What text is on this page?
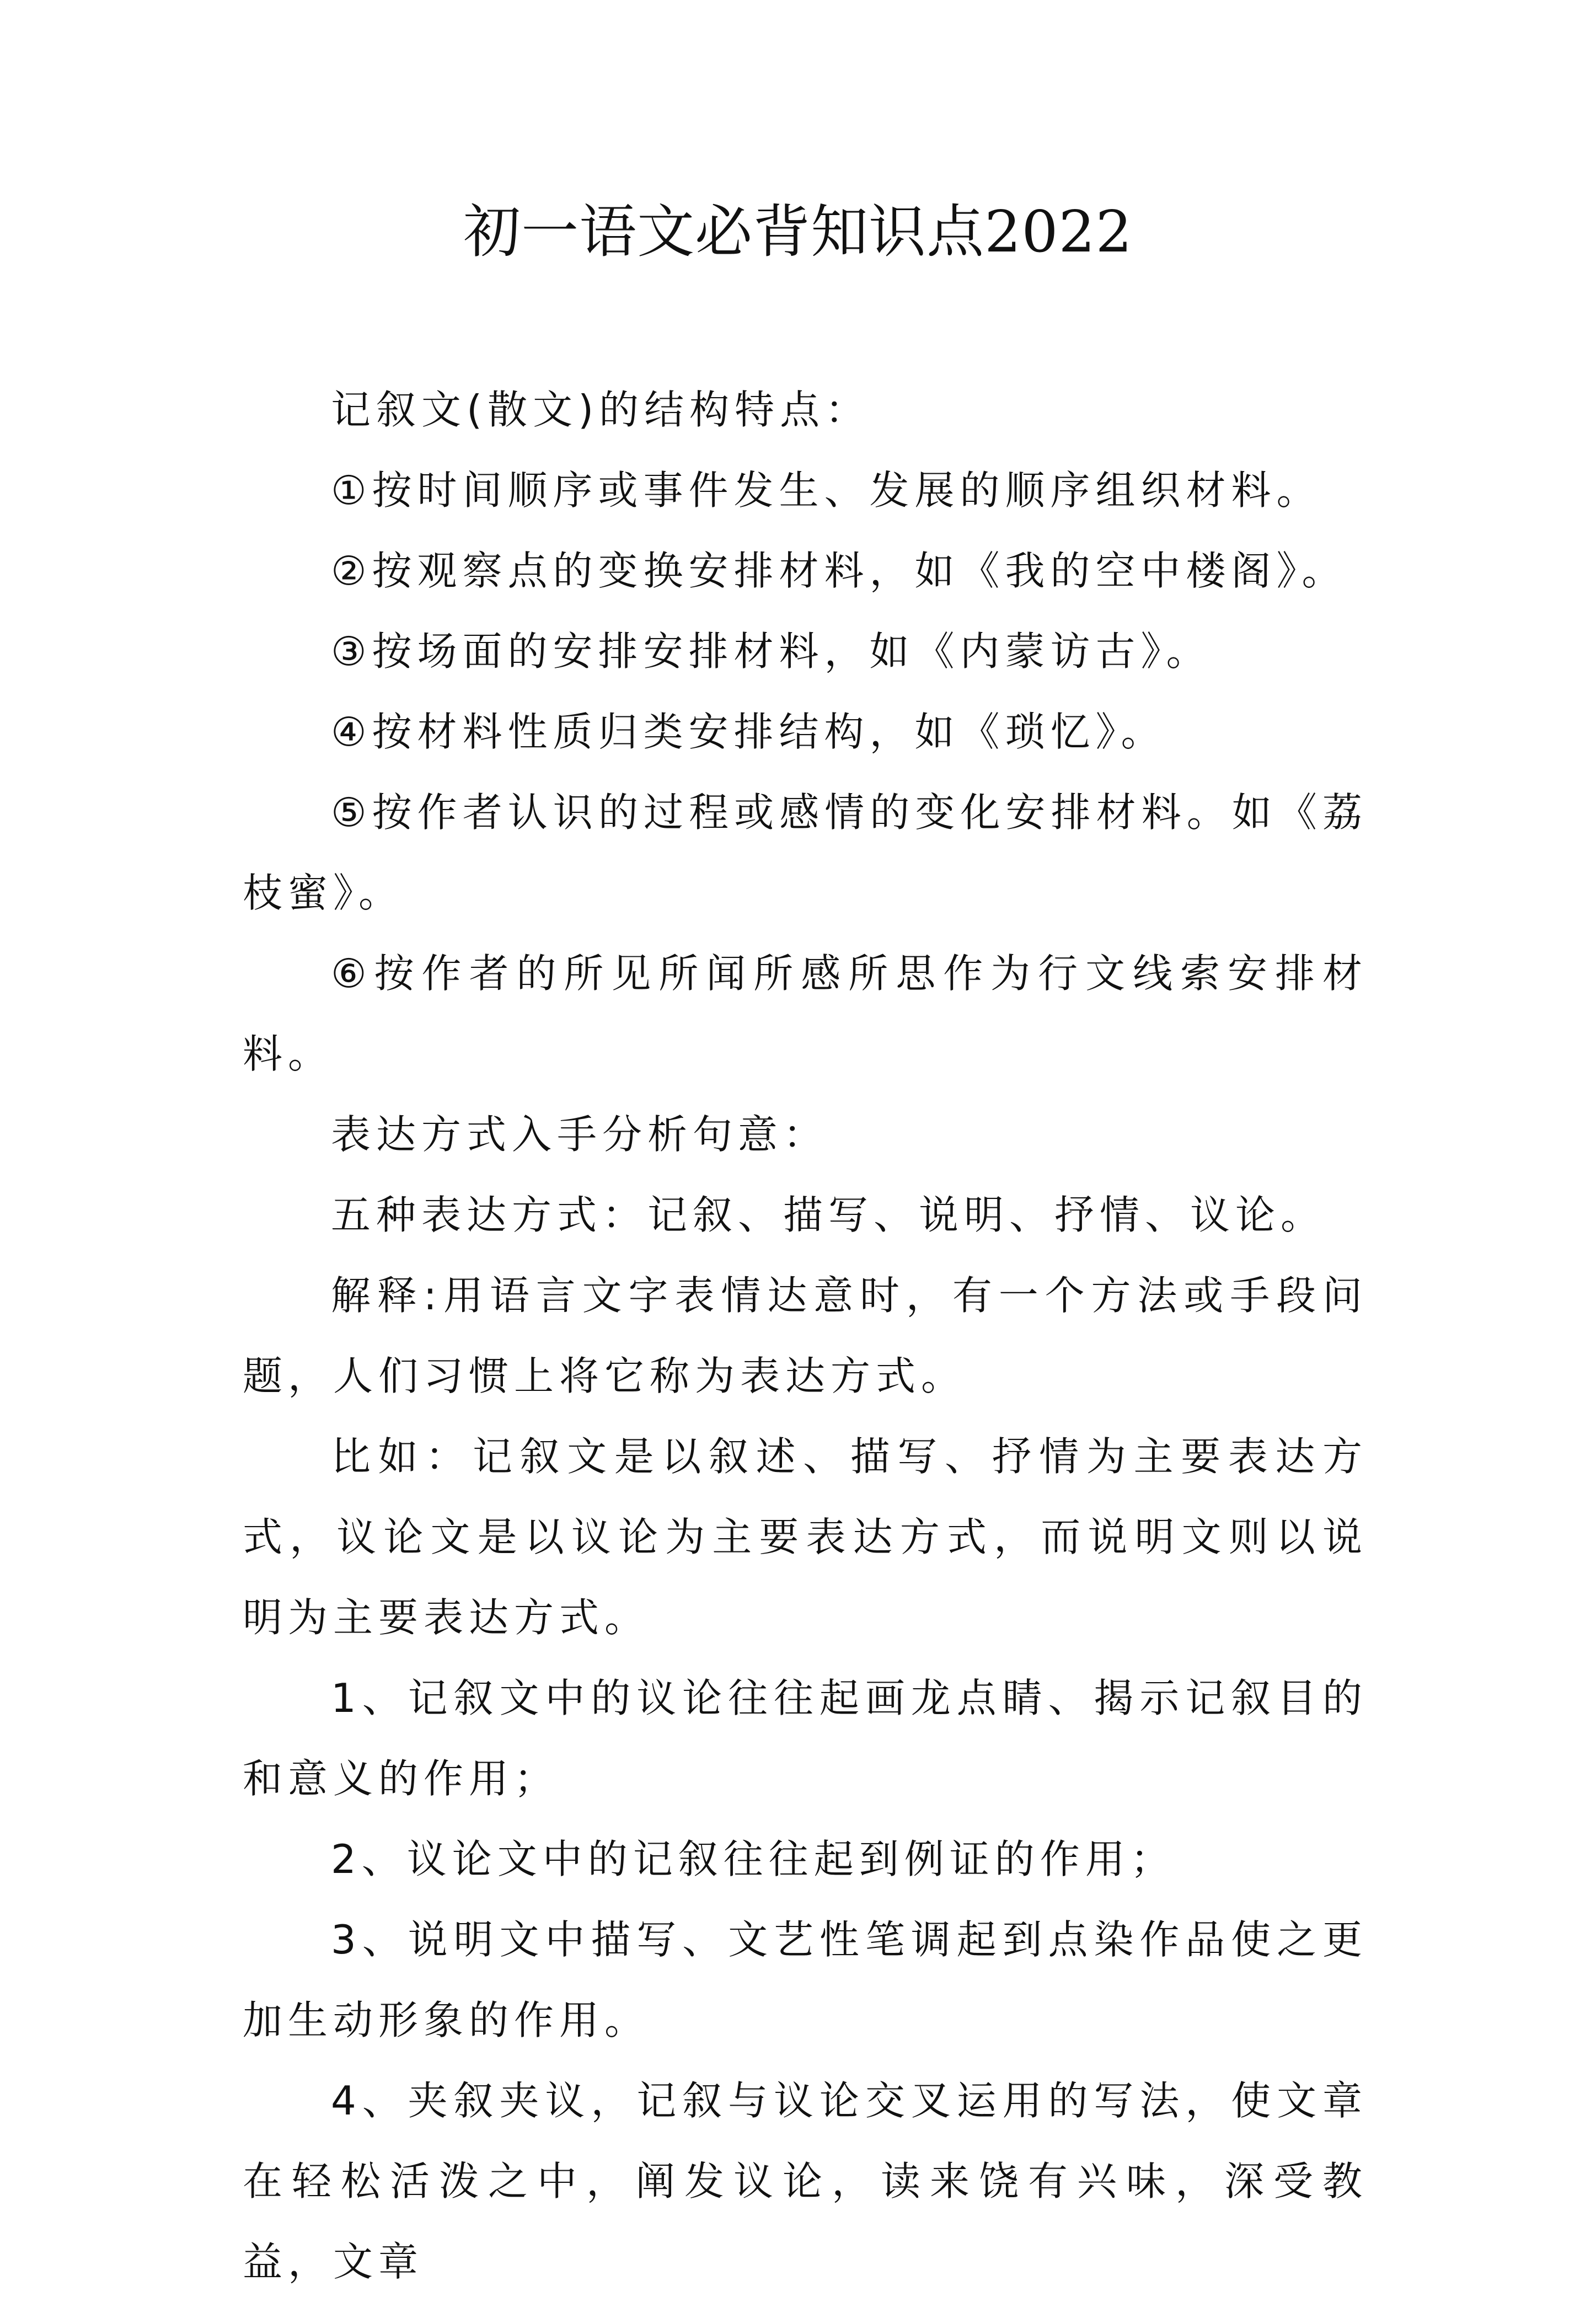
初一语文必背知识点2022

记叙文(散文)的结构特点：

①按时间顺序或事件发生、发展的顺序组织材料。

②按观察点的变换安排材料，如《我的空中楼阁》。

③按场面的安排安排材料，如《内蒙访古》。

④按材料性质归类安排结构，如《琐忆》。

⑤按作者认识的过程或感情的变化安排材料。如《荔枝蜜》。

⑥按作者的所见所闻所感所思作为行文线索安排材料。

表达方式入手分析句意：

五种表达方式：记叙、描写、说明、抒情、议论。

解释:用语言文字表情达意时，有一个方法或手段问题，人们习惯上将它称为表达方式。

比如：记叙文是以叙述、描写、抒情为主要表达方式，议论文是以议论为主要表达方式，而说明文则以说明为主要表达方式。

1、记叙文中的议论往往起画龙点睛、揭示记叙目的和意义的作用；

2、议论文中的记叙往往起到例证的作用；

3、说明文中描写、文艺性笔调起到点染作品使之更加生动形象的作用。

4、夹叙夹议，记叙与议论交叉运用的写法，使文章在轻松活泼之中，阐发议论，读来饶有兴味，深受教益，文章
